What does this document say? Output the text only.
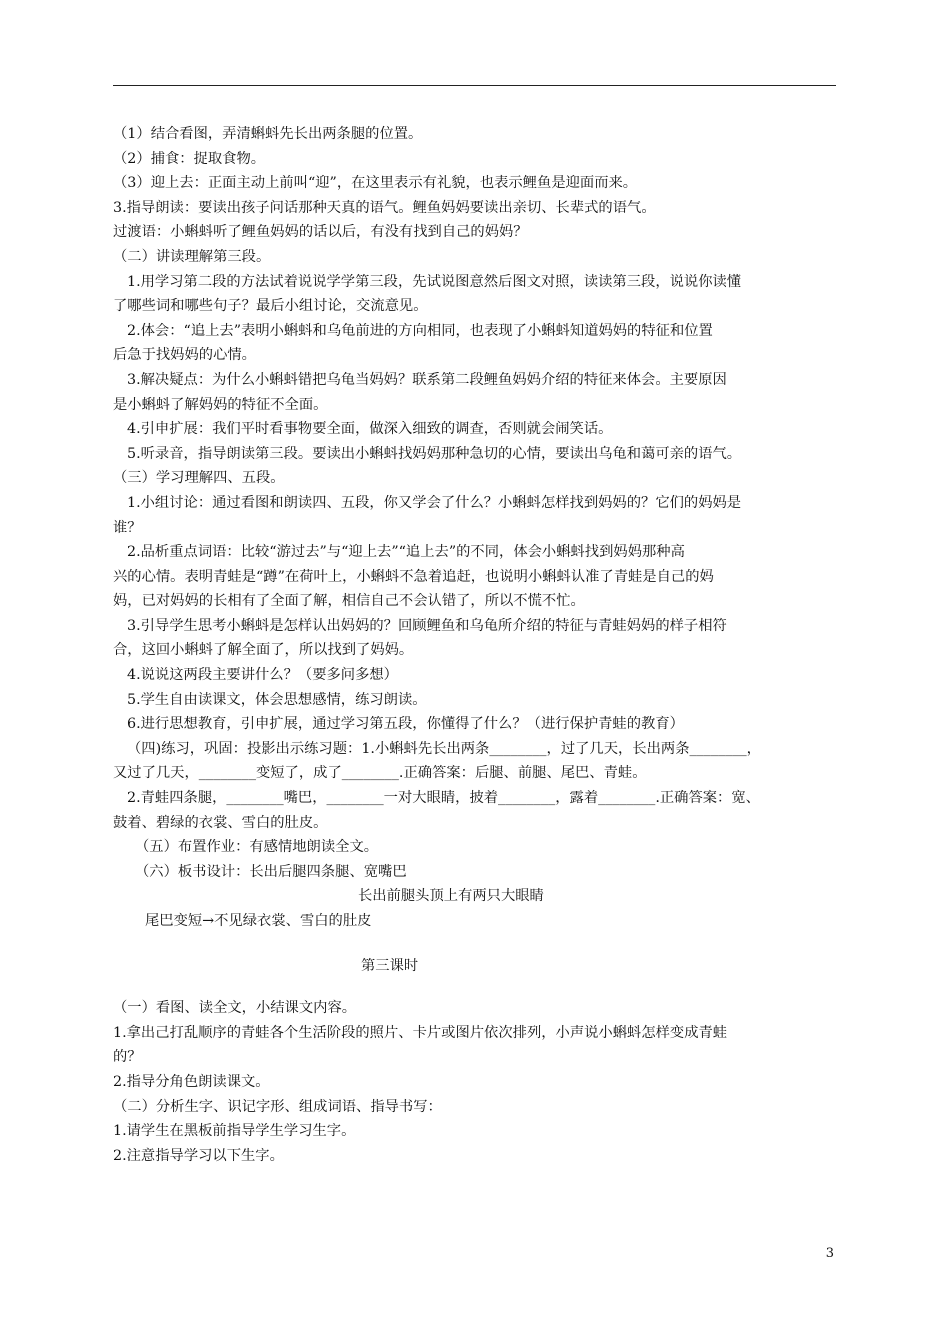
（1）结合看图，弄清蝌蚪先长出两条腿的位置。
（2）捕食：捉取食物。
（3）迎上去：正面主动上前叫“迎”，在这里表示有礼貌，也表示鲤鱼是迎面而来。
3.指导朗读：要读出孩子问话那种天真的语气。鲤鱼妈妈要读出亲切、长辈式的语气。
过渡语：小蝌蚪听了鲤鱼妈妈的话以后，有没有找到自己的妈妈？
（二）讲读理解第三段。
1.用学习第二段的方法试着说说学学第三段，先试说图意然后图文对照，读读第三段，说说你读懂
了哪些词和哪些句子？最后小组讨论，交流意见。
2.体会：“追上去”表明小蝌蚪和乌龟前进的方向相同，也表现了小蝌蚪知道妈妈的特征和位置
后急于找妈妈的心情。
3.解决疑点：为什么小蝌蚪错把乌龟当妈妈？联系第二段鲤鱼妈妈介绍的特征来体会。主要原因
是小蝌蚪了解妈妈的特征不全面。
4.引申扩展：我们平时看事物要全面，做深入细致的调查，否则就会闹笑话。
5.听录音，指导朗读第三段。要读出小蝌蚪找妈妈那种急切的心情，要读出乌龟和蔼可亲的语气。
（三）学习理解四、五段。
1.小组讨论：通过看图和朗读四、五段，你又学会了什么？小蝌蚪怎样找到妈妈的？它们的妈妈是
谁？
2.品析重点词语：比较“游过去”与“迎上去”“追上去”的不同，体会小蝌蚪找到妈妈那种高
兴的心情。表明青蛙是“蹲”在荷叶上，小蝌蚪不急着追赶，也说明小蝌蚪认准了青蛙是自己的妈
妈，已对妈妈的长相有了全面了解，相信自己不会认错了，所以不慌不忙。
3.引导学生思考小蝌蚪是怎样认出妈妈的？回顾鲤鱼和乌龟所介绍的特征与青蛙妈妈的样子相符
合，这回小蝌蚪了解全面了，所以找到了妈妈。
4.说说这两段主要讲什么？（要多问多想）
5.学生自由读课文，体会思想感情，练习朗读。
6.进行思想教育，引申扩展，通过学习第五段，你懂得了什么？（进行保护青蛙的教育）
（四)练习，巩固：投影出示练习题：1.小蝌蚪先长出两条________，过了几天，长出两条________，
又过了几天，________变短了，成了________.正确答案：后腿、前腿、尾巴、青蛙。
2.青蛙四条腿，________嘴巴，________一对大眼睛，披着________，露着________.正确答案：宽、
鼓着、碧绿的衣裳、雪白的肚皮。
（五）布置作业：有感情地朗读全文。
（六）板书设计：长出后腿四条腿、宽嘴巴
长出前腿头顶上有两只大眼睛
尾巴变短→不见绿衣裳、雪白的肚皮
第三课时
（一）看图、读全文，小结课文内容。
1.拿出己打乱顺序的青蛙各个生活阶段的照片、卡片或图片依次排列，小声说小蝌蚪怎样变成青蛙
的？
2.指导分角色朗读课文。
（二）分析生字、识记字形、组成词语、指导书写：
1.请学生在黑板前指导学生学习生字。
2.注意指导学习以下生字。
3
